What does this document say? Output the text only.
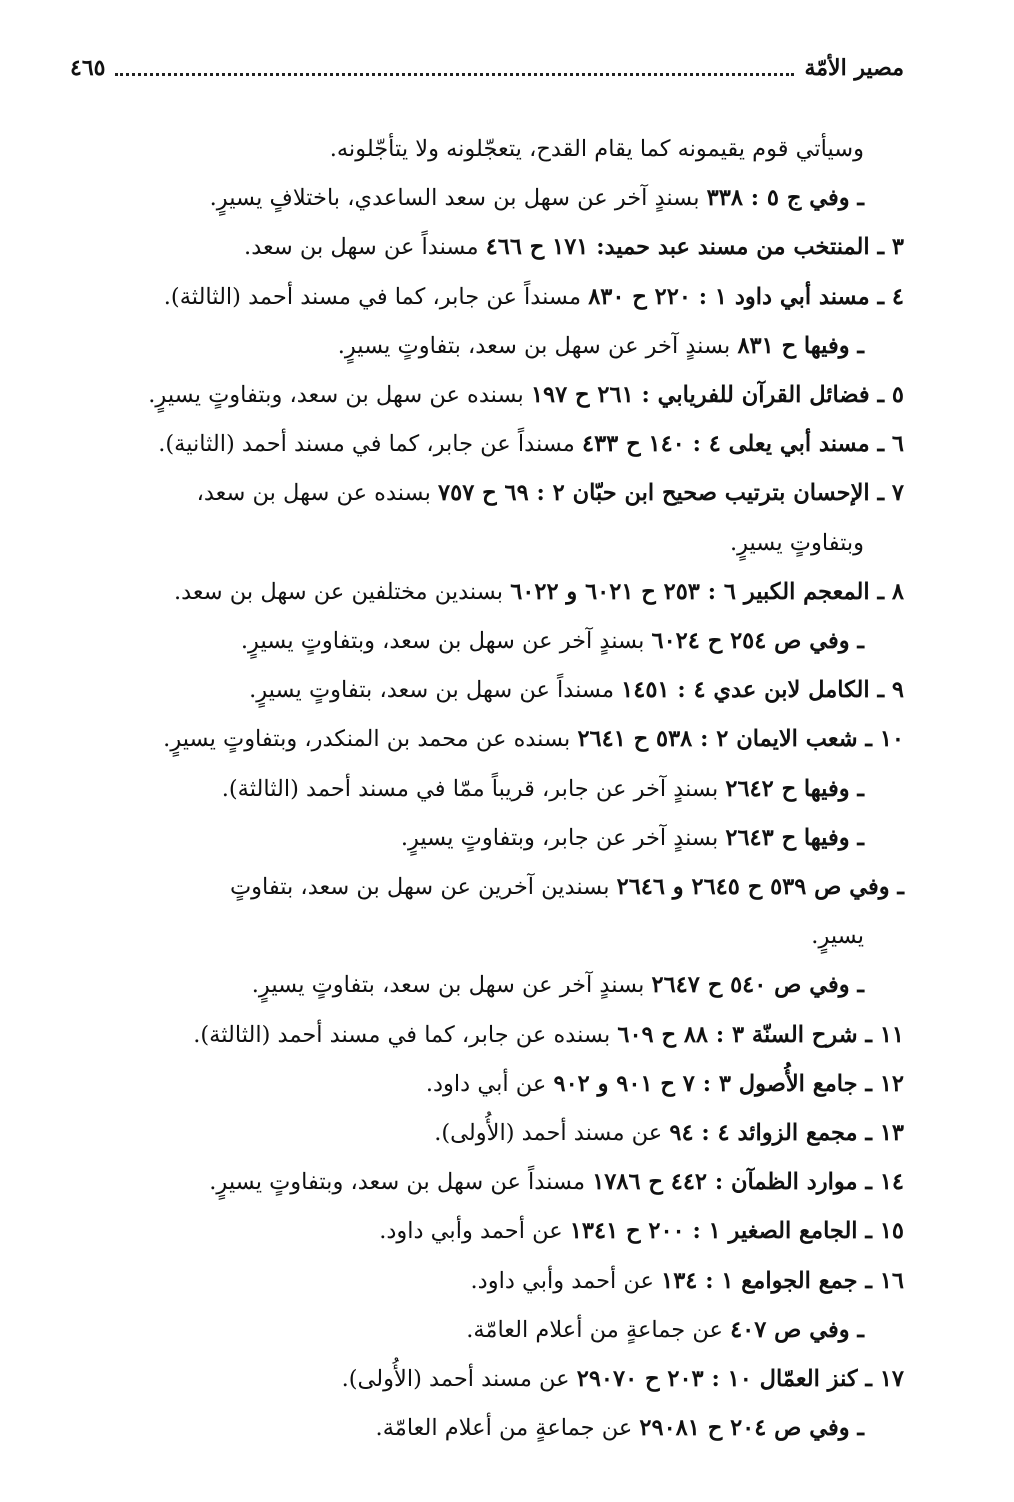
مصير الأمّة
٤٦٥
وسيأتي قوم يقيمونه كما يقام القدح، يتعجّلونه ولا يتأجّلونه.
ـ وفي ج ٥ : ٣٣٨ بسندٍ آخر عن سهل بن سعد الساعدي، باختلافٍ يسيرٍ.
٣ ـ المنتخب من مسند عبد حميد: ١٧١ ح ٤٦٦ مسنداً عن سهل بن سعد.
٤ ـ مسند أبي داود ١ : ٢٢٠ ح ٨٣٠ مسنداً عن جابر، كما في مسند أحمد (الثالثة).
ـ وفيها ح ٨٣١ بسندٍ آخر عن سهل بن سعد، بتفاوتٍ يسيرٍ.
٥ ـ فضائل القرآن للفريابي : ٢٦١ ح ١٩٧ بسنده عن سهل بن سعد، وبتفاوتٍ يسيرٍ.
٦ ـ مسند أبي يعلى ٤ : ١٤٠ ح ٤٣٣ مسنداً عن جابر، كما في مسند أحمد (الثانية).
٧ ـ الإحسان بترتيب صحيح ابن حبّان ٢ : ٦٩ ح ٧٥٧ بسنده عن سهل بن سعد،
وبتفاوتٍ يسيرٍ.
٨ ـ المعجم الكبير ٦ : ٢٥٣ ح ٦٠٢١ و ٦٠٢٢ بسندين مختلفين عن سهل بن سعد.
ـ وفي ص ٢٥٤ ح ٦٠٢٤ بسندٍ آخر عن سهل بن سعد، وبتفاوتٍ يسيرٍ.
٩ ـ الكامل لابن عدي ٤ : ١٤٥١ مسنداً عن سهل بن سعد، بتفاوتٍ يسيرٍ.
١٠ ـ شعب الايمان ٢ : ٥٣٨ ح ٢٦٤١ بسنده عن محمد بن المنكدر، وبتفاوتٍ يسيرٍ.
ـ وفيها ح ٢٦٤٢ بسندٍ آخر عن جابر، قريباً ممّا في مسند أحمد (الثالثة).
ـ وفيها ح ٢٦٤٣ بسندٍ آخر عن جابر، وبتفاوتٍ يسيرٍ.
ـ وفي ص ٥٣٩ ح ٢٦٤٥ و ٢٦٤٦ بسندين آخرين عن سهل بن سعد، بتفاوتٍ
يسيرٍ.
ـ وفي ص ٥٤٠ ح ٢٦٤٧ بسندٍ آخر عن سهل بن سعد، بتفاوتٍ يسيرٍ.
١١ ـ شرح السنّة ٣ : ٨٨ ح ٦٠٩ بسنده عن جابر، كما في مسند أحمد (الثالثة).
١٢ ـ جامع الأُصول ٣ : ٧ ح ٩٠١ و ٩٠٢ عن أبي داود.
١٣ ـ مجمع الزوائد ٤ : ٩٤ عن مسند أحمد (الأُولى).
١٤ ـ موارد الظمآن : ٤٤٢ ح ١٧٨٦ مسنداً عن سهل بن سعد، وبتفاوتٍ يسيرٍ.
١٥ ـ الجامع الصغير ١ : ٢٠٠ ح ١٣٤١ عن أحمد وأبي داود.
١٦ ـ جمع الجوامع ١ : ١٣٤ عن أحمد وأبي داود.
ـ وفي ص ٤٠٧ عن جماعةٍ من أعلام العامّة.
١٧ ـ كنز العمّال ١٠ : ٢٠٣ ح ٢٩٠٧٠ عن مسند أحمد (الأُولى).
ـ وفي ص ٢٠٤ ح ٢٩٠٨١ عن جماعةٍ من أعلام العامّة.
